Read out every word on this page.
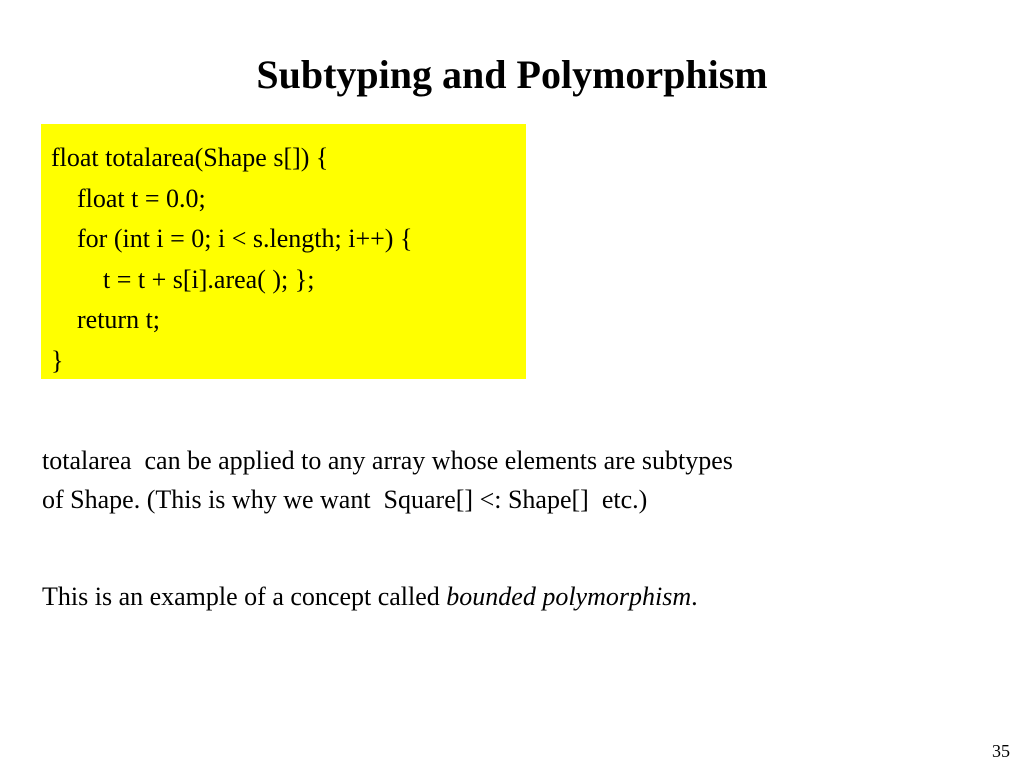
Subtyping and Polymorphism
float totalarea(Shape s[]) {
float t = 0.0;
for (int i = 0; i < s.length; i++) {
t = t + s[i].area( ); };
return t;
}

totalarea  can be applied to any array whose elements are subtypes
of Shape. (This is why we want  Square[] <: Shape[]  etc.)

This is an example of a concept called bounded polymorphism.

35
